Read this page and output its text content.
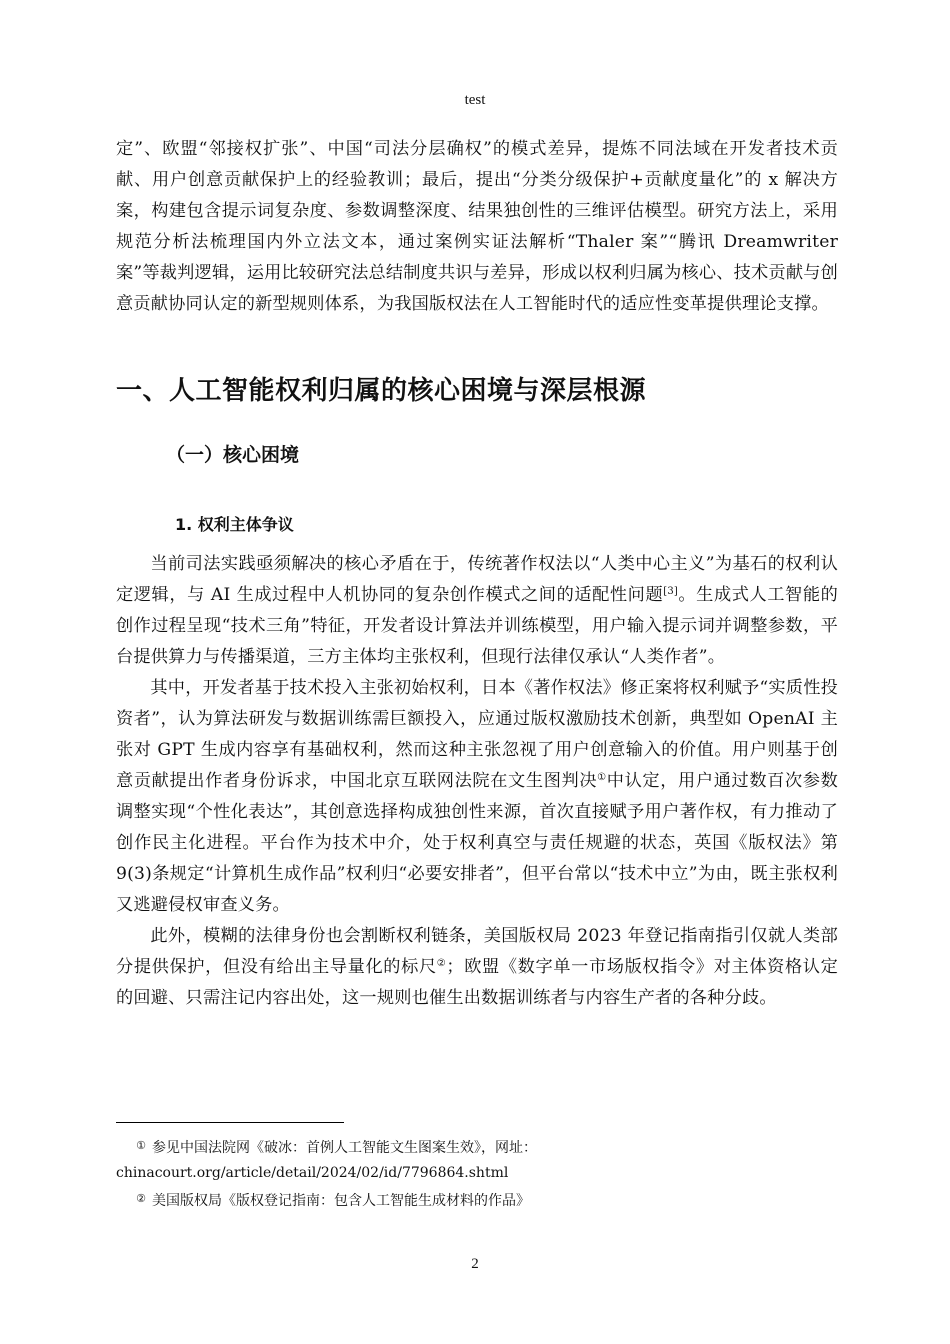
test

定”、欧盟“邻接权扩张”、中国“司法分层确权”的模式差异，提炼不同法域在开发者技术贡献、用户创意贡献保护上的经验教训；最后，提出“分类分级保护+贡献度量化”的 x 解决方案，构建包含提示词复杂度、参数调整深度、结果独创性的三维评估模型。研究方法上，采用规范分析法梳理国内外立法文本，通过案例实证法解析“Thaler 案”“腾讯 Dreamwriter 案”等裁判逻辑，运用比较研究法总结制度共识与差异，形成以权利归属为核心、技术贡献与创意贡献协同认定的新型规则体系，为我国版权法在人工智能时代的适应性变革提供理论支撑。

一、人工智能权利归属的核心困境与深层根源
（一）核心困境
1. 权利主体争议

当前司法实践亟须解决的核心矛盾在于，传统著作权法以“人类中心主义”为基石的权利认定逻辑，与 AI 生成过程中人机协同的复杂创作模式之间的适配性问题[3]。生成式人工智能的创作过程呈现“技术三角”特征，开发者设计算法并训练模型，用户输入提示词并调整参数，平台提供算力与传播渠道，三方主体均主张权利，但现行法律仅承认“人类作者”。

其中，开发者基于技术投入主张初始权利，日本《著作权法》修正案将权利赋予“实质性投资者”，认为算法研发与数据训练需巨额投入，应通过版权激励技术创新，典型如 OpenAI 主张对 GPT 生成内容享有基础权利，然而这种主张忽视了用户创意输入的价值。用户则基于创意贡献提出作者身份诉求，中国北京互联网法院在文生图判决①中认定，用户通过数百次参数调整实现“个性化表达”，其创意选择构成独创性来源，首次直接赋予用户著作权，有力推动了创作民主化进程。平台作为技术中介，处于权利真空与责任规避的状态，英国《版权法》第 9(3)条规定“计算机生成作品”权利归“必要安排者”，但平台常以“技术中立”为由，既主张权利又逃避侵权审查义务。

此外，模糊的法律身份也会割断权利链条，美国版权局 2023 年登记指南指引仅就人类部分提供保护，但没有给出主导量化的标尺②；欧盟《数字单一市场版权指令》对主体资格认定的回避、只需注记内容出处，这一规则也催生出数据训练者与内容生产者的各种分歧。

① 参见中国法院网《破冰：首例人工智能文生图案生效》，网址：chinacourt.org/article/detail/2024/02/id/7796864.shtml

② 美国版权局《版权登记指南：包含人工智能生成材料的作品》

2
